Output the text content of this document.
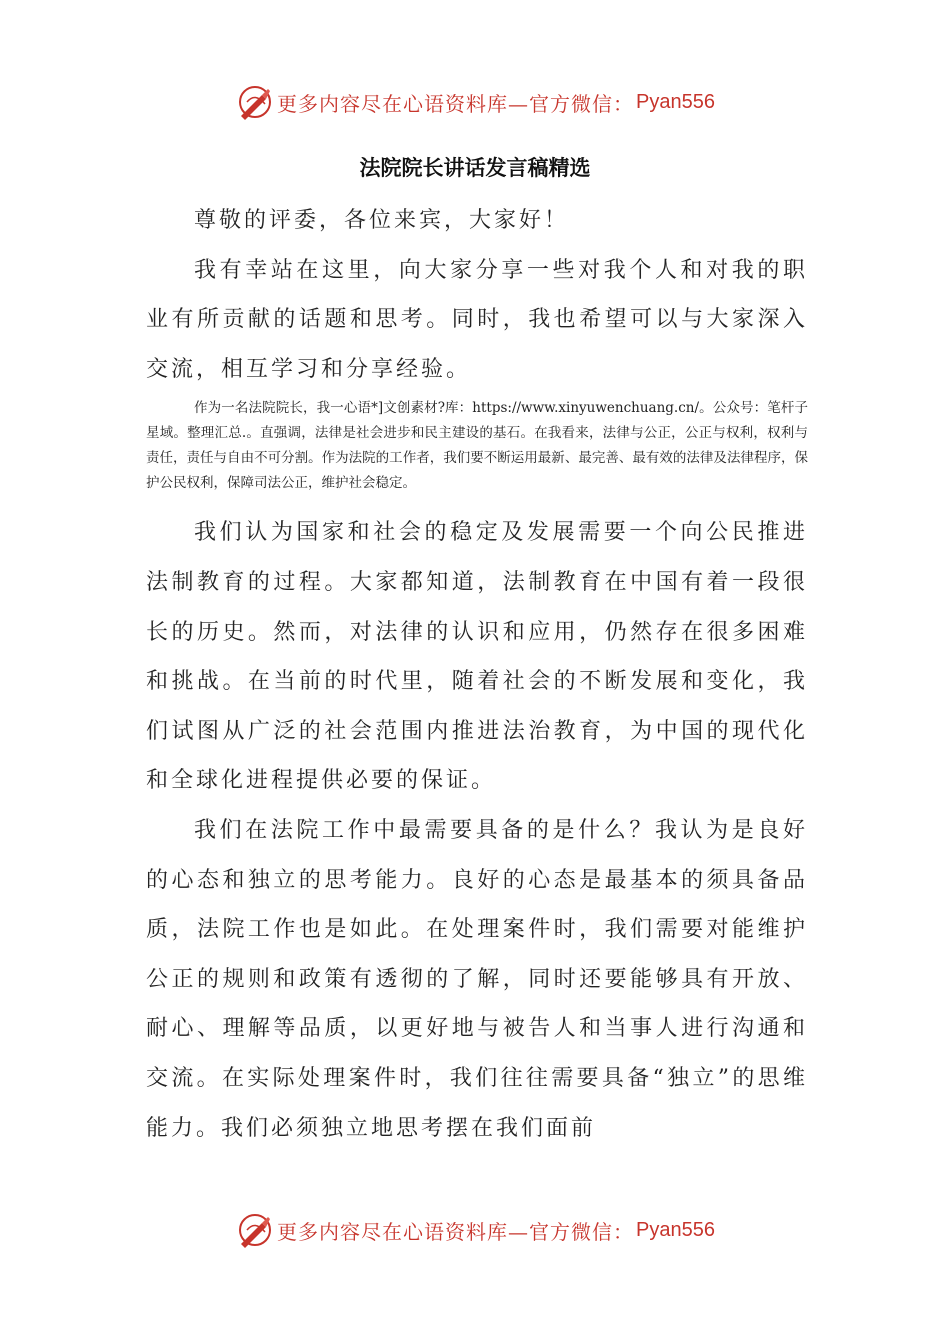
更多内容尽在心语资料库—官方微信： Pyan556
法院院长讲话发言稿精选

尊敬的评委，各位来宾，大家好！

我有幸站在这里，向大家分享一些对我个人和对我的职业有所贡献的话题和思考。同时，我也希望可以与大家深入交流，相互学习和分享经验。

作为一名法院院长，我一心语*]文创素材?库：https://www.xinyuwenchuang.cn/。公众号：笔杆子星域。整理汇总.。直强调，法律是社会进步和民主建设的基石。在我看来，法律与公正，公正与权利，权利与责任，责任与自由不可分割。作为法院的工作者，我们要不断运用最新、最完善、最有效的法律及法律程序，保护公民权利，保障司法公正，维护社会稳定。

我们认为国家和社会的稳定及发展需要一个向公民推进法制教育的过程。大家都知道，法制教育在中国有着一段很长的历史。然而，对法律的认识和应用，仍然存在很多困难和挑战。在当前的时代里，随着社会的不断发展和变化，我们试图从广泛的社会范围内推进法治教育，为中国的现代化和全球化进程提供必要的保证。

我们在法院工作中最需要具备的是什么？我认为是良好的心态和独立的思考能力。良好的心态是最基本的须具备品质，法院工作也是如此。在处理案件时，我们需要对能维护公正的规则和政策有透彻的了解，同时还要能够具有开放、耐心、理解等品质，以更好地与被告人和当事人进行沟通和交流。在实际处理案件时，我们往往需要具备“独立”的思维能力。我们必须独立地思考摆在我们面前

更多内容尽在心语资料库—官方微信： Pyan556
